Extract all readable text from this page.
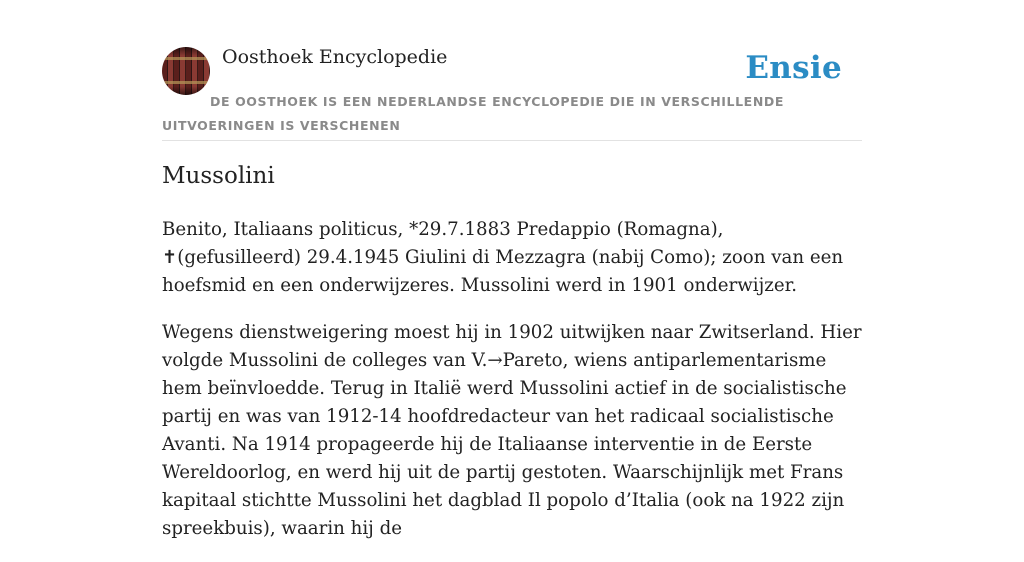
Oosthoek Encyclopedie	Ensie
DE OOSTHOEK IS EEN NEDERLANDSE ENCYCLOPEDIE DIE IN VERSCHILLENDE UITVOERINGEN IS VERSCHENEN
Mussolini

Benito, Italiaans politicus, *29.7.1883 Predappio (Romagna), ✝(gefusilleerd) 29.4.1945 Giulini di Mezzagra (nabij Como); zoon van een hoefsmid en een onderwijzeres. Mussolini werd in 1901 onderwijzer.

Wegens dienstweigering moest hij in 1902 uitwijken naar Zwitserland. Hier volgde Mussolini de colleges van V.→Pareto, wiens antiparlementarisme hem beïnvloedde. Terug in Italië werd Mussolini actief in de socialistische partij en was van 1912-14 hoofdredacteur van het radicaal socialistische Avanti. Na 1914 propageerde hij de Italiaanse interventie in de Eerste Wereldoorlog, en werd hij uit de partij gestoten. Waarschijnlijk met Frans kapitaal stichtte Mussolini het dagblad Il popolo d’Italia (ook na 1922 zijn spreekbuis), waarin hij de
